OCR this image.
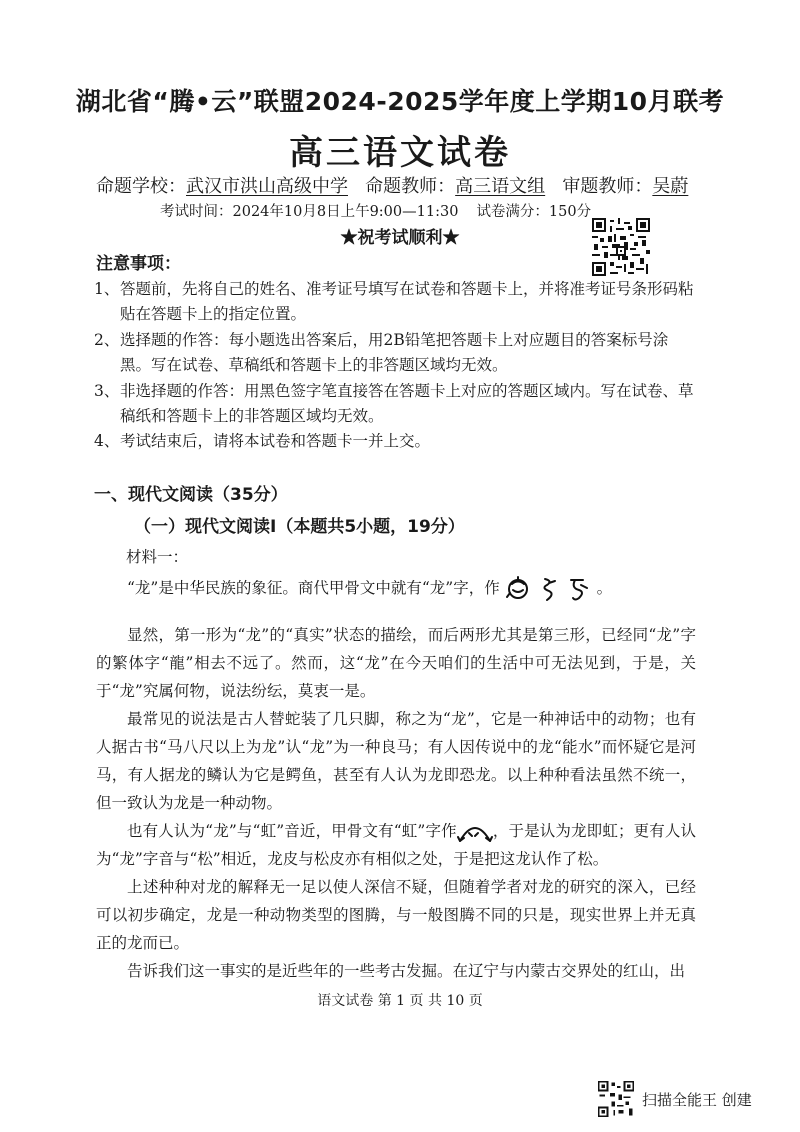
湖北省“腾•云”联盟2024-2025学年度上学期10月联考
高三语文试卷
命题学校：武汉市洪山高级中学 命题教师：高三语文组 审题教师：吴蔚
考试时间：2024年10月8日上午9:00—11:30 试卷满分：150分
★祝考试顺利★
注意事项：
1、 答题前，先将自己的姓名、准考证号填写在试卷和答题卡上，并将准考证号条形码粘贴在答题卡上的指定位置。
2、 选择题的作答：每小题选出答案后，用2B铅笔把答题卡上对应题目的答案标号涂黑。写在试卷、草稿纸和答题卡上的非答题区域均无效。
3、 非选择题的作答：用黑色签字笔直接答在答题卡上对应的答题区域内。写在试卷、草稿纸和答题卡上的非答题区域均无效。
4、 考试结束后，请将本试卷和答题卡一并上交。
一、现代文阅读（35分）
（一）现代文阅读Ⅰ（本题共5小题，19分）
材料一：
“龙”是中华民族的象征。商代甲骨文中就有“龙”字，作	。
显然，第一形为“龙”的“真实”状态的描绘，而后两形尤其是第三形，已经同“龙”字的繁体字“龍”相去不远了。然而，这“龙”在今天咱们的生活中可无法见到，于是，关于“龙”究属何物，说法纷纭，莫衷一是。
最常见的说法是古人替蛇装了几只脚，称之为“龙”，它是一种神话中的动物；也有人据古书“马八尺以上为龙”认“龙”为一种良马；有人因传说中的龙“能水”而怀疑它是河马，有人据龙的鳞认为它是鳄鱼，甚至有人认为龙即恐龙。以上种种看法虽然不统一，但一致认为龙是一种动物。
也有人认为“龙”与“虹”音近，甲骨文有“虹”字作 ，于是认为龙即虹；更有人认为“龙”字音与“松”相近，龙皮与松皮亦有相似之处，于是把这龙认作了松。
上述种种对龙的解释无一足以使人深信不疑，但随着学者对龙的研究的深入，已经可以初步确定，龙是一种动物类型的图腾，与一般图腾不同的只是，现实世界上并无真正的龙而已。
告诉我们这一事实的是近些年的一些考古发掘。在辽宁与内蒙古交界处的红山，出
语文试卷 第 1 页 共 10 页
扫描全能王 创建
